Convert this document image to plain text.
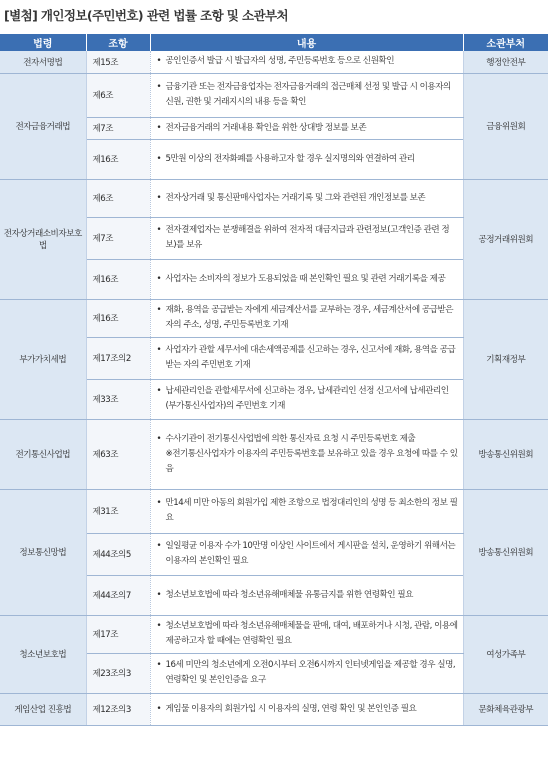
[별첨] 개인정보(주민번호) 관련 법률 조항 및 소관부처
법령	조항	내용	소관부처
전자서명법	제15조	• 공인인증서 발급 시 발급자의 성명, 주민등록번호 등으로 신원확인	행정안전부
전자금융거래법	제6조	• 금융기관 또는 전자금융업자는 전자금융거래의 접근매체 선정 및 발급 시 이용자의 신원, 권한 및 거래지시의 내용 등을 확인	금융위원회
	제7조	• 전자금융거래의 거래내용 확인을 위한 상대방 정보를 보존	

	제16조	• 5만원 이상의 전자화폐를 사용하고자 할 경우 실지명의와 연결하여 관리	

전자상거래소비자보호법	제6조	• 전자상거래 및 통신판매사업자는 거래기록 및 그와 관련된 개인정보를 보존	공정거래위원회
	제7조	• 전자결제업자는 분쟁해결을 위하여 전자적 대금지급과 관련정보(고객인증 관련 정보)를 보유	

	제16조	• 사업자는 소비자의 정보가 도용되었을 때 본인확인 필요 및 관련 거래기록을 제공	

부가가치세법	제16조	• 재화, 용역을 공급받는 자에게 세금계산서를 교부하는 경우, 세금계산서에 공급받은 자의 주소, 성명, 주민등록번호 기재	기획재정부
	제17조의2	• 사업자가 관할 세무서에 대손세액공제를 신고하는 경우, 신고서에 재화, 용역을 공급받는 자의 주민번호 기재	

	제33조	• 납세관리인을 관할세무서에 신고하는 경우, 납세관리인 선정 신고서에 납세관리인(부가통신사업자)의 주민번호 기재	

전기통신사업법	제63조	• 수사기관이 전기통신사업법에 의한 통신자료 요청 시 주민등록번호 제출
※전기통신사업자가 이용자의 주민등록번호를 보유하고 있을 경우 요청에 따를 수 있음	방송통신위원회
정보통신망법	제31조	• 만14세 미만 아동의 회원가입 제한 조항으로 법정대리인의 성명 등 최소한의 정보 필요	방송통신위원회
	제44조의5	• 일일평균 이용자 수가 10만명 이상인 사이트에서 게시판을 설치, 운영하기 위해서는 이용자의 본인확인 필요	

	제44조의7	• 청소년보호법에 따라 청소년유해매체물 유통금지를 위한 연령확인 필요	

청소년보호법	제17조	• 청소년보호법에 따라 청소년유해매체물을 판매, 대여, 배포하거나 시청, 관람, 이용에 제공하고자 할 때에는 연령확인 필요	여성가족부
	제23조의3	• 16세 미만의 청소년에게 오전0시부터 오전6시까지 인터넷게임을 제공할 경우 실명, 연령확인 및 본인인증을 요구	

게임산업 진흥법	제12조의3	• 게임물 이용자의 회원가입 시 이용자의 실명, 연령 확인 및 본인인증 필요	문화체육관광부
